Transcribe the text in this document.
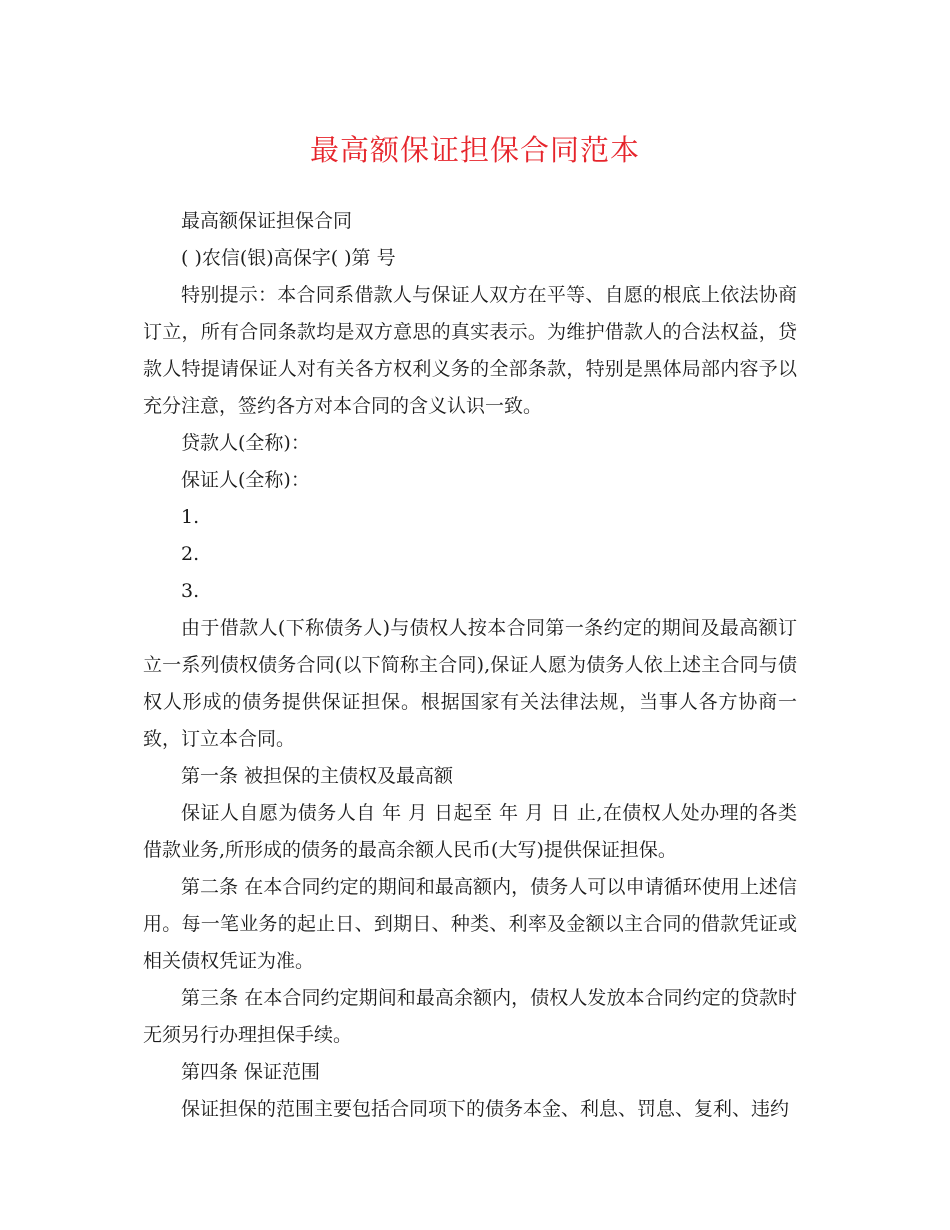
最高额保证担保合同范本

最高额保证担保合同

( )农信(银)高保字( )第 号

特别提示：本合同系借款人与保证人双方在平等、自愿的根底上依法协商订立，所有合同条款均是双方意思的真实表示。为维护借款人的合法权益，贷款人特提请保证人对有关各方权利义务的全部条款，特别是黑体局部内容予以充分注意，签约各方对本合同的含义认识一致。

贷款人(全称)：

保证人(全称)：

1.

2.

3.

由于借款人(下称债务人)与债权人按本合同第一条约定的期间及最高额订立一系列债权债务合同(以下简称主合同),保证人愿为债务人依上述主合同与债权人形成的债务提供保证担保。根据国家有关法律法规，当事人各方协商一致，订立本合同。

第一条 被担保的主债权及最高额

保证人自愿为债务人自 年 月 日起至 年 月 日 止,在债权人处办理的各类借款业务,所形成的债务的最高余额人民币(大写)提供保证担保。

第二条 在本合同约定的期间和最高额内，债务人可以申请循环使用上述信用。每一笔业务的起止日、到期日、种类、利率及金额以主合同的借款凭证或相关债权凭证为准。

第三条 在本合同约定期间和最高余额内，债权人发放本合同约定的贷款时无须另行办理担保手续。

第四条 保证范围

保证担保的范围主要包括合同项下的债务本金、利息、罚息、复利、违约
